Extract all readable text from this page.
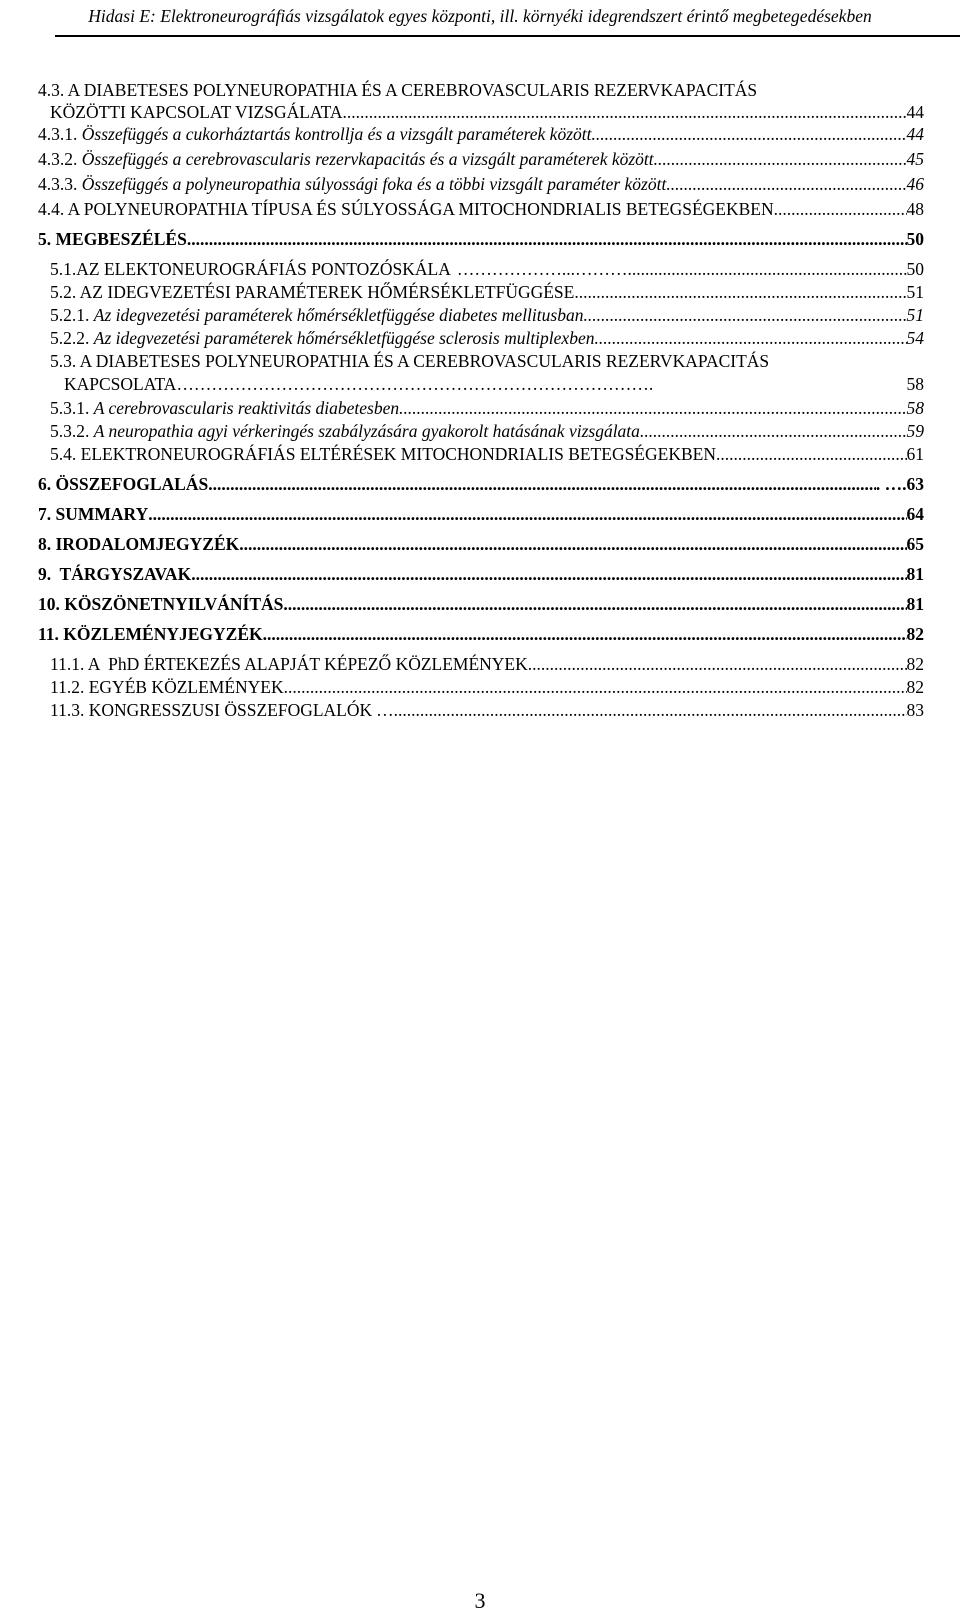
Hidasi E: Elektroneurográfiás vizsgálatok egyes központi, ill. környéki idegrendszert érintő megbetegedésekben
4.3. A DIABETESES POLYNEUROPATHIA ÉS A CEREBROVASCULARIS REZERVKAPACITÁS
KÖZÖTTI KAPCSOLAT VIZSGÁLATA .....	44
4.3.1. Összefüggés a cukorháztartás kontrollja és a vizsgált paraméterek között .....	44
4.3.2. Összefüggés a cerebrovascularis rezervkapacitás és a vizsgált paraméterek között .....	45
4.3.3. Összefüggés a polyneuropathia súlyossági foka és a többi vizsgált paraméter között .....	46
4.4. A POLYNEUROPATHIA TÍPUSA ÉS SÚLYOSSÁGA MITOCHONDRIALIS BETEGSÉGEKBEN .....	48
5. MEGBESZÉLÉS .....	50
5.1.AZ ELEKTONEUROGRÁFIÁS PONTOZÓSKÁLA ………………...………. .....	50
5.2. AZ IDEGVEZETÉSI PARAMÉTEREK HŐMÉRSÉKLETFÜGGÉSE .....	51
5.2.1. Az idegvezetési paraméterek hőmérsékletfüggése diabetes mellitusban .....	51
5.2.2. Az idegvezetési paraméterek hőmérsékletfüggése sclerosis multiplexben .....	54
5.3. A DIABETESES POLYNEUROPATHIA ÉS A CEREBROVASCULARIS REZERVKAPACITÁS
KAPCSOLATA ……………………………………………………………………….	58
5.3.1. A cerebrovascularis reaktivitás diabetesben .....	58
5.3.2. A neuropathia agyi vérkeringés szabályzására gyakorolt hatásának vizsgálata .....	59
5.4. ELEKTRONEUROGRÁFIÁS ELTÉRÉSEK MITOCHONDRIALIS BETEGSÉGEKBEN .....	61
6. ÖSSZEFOGLALÁS .....	. … .63
7. SUMMARY .....	64
8. IRODALOMJEGYZÉK .....	65
9.  TÁRGYSZAVAK .....	81
10. KÖSZÖNETNYILVÁNÍTÁS .....	81
11. KÖZLEMÉNYJEGYZÉK .....	82
11.1. A  PhD ÉRTEKEZÉS ALAPJÁT KÉPEZŐ KÖZLEMÉNYEK .....	82
11.2. EGYÉB KÖZLEMÉNYEK .....	82
11.3. KONGRESSZUSI ÖSSZEFOGLALÓK … .....	83
3
